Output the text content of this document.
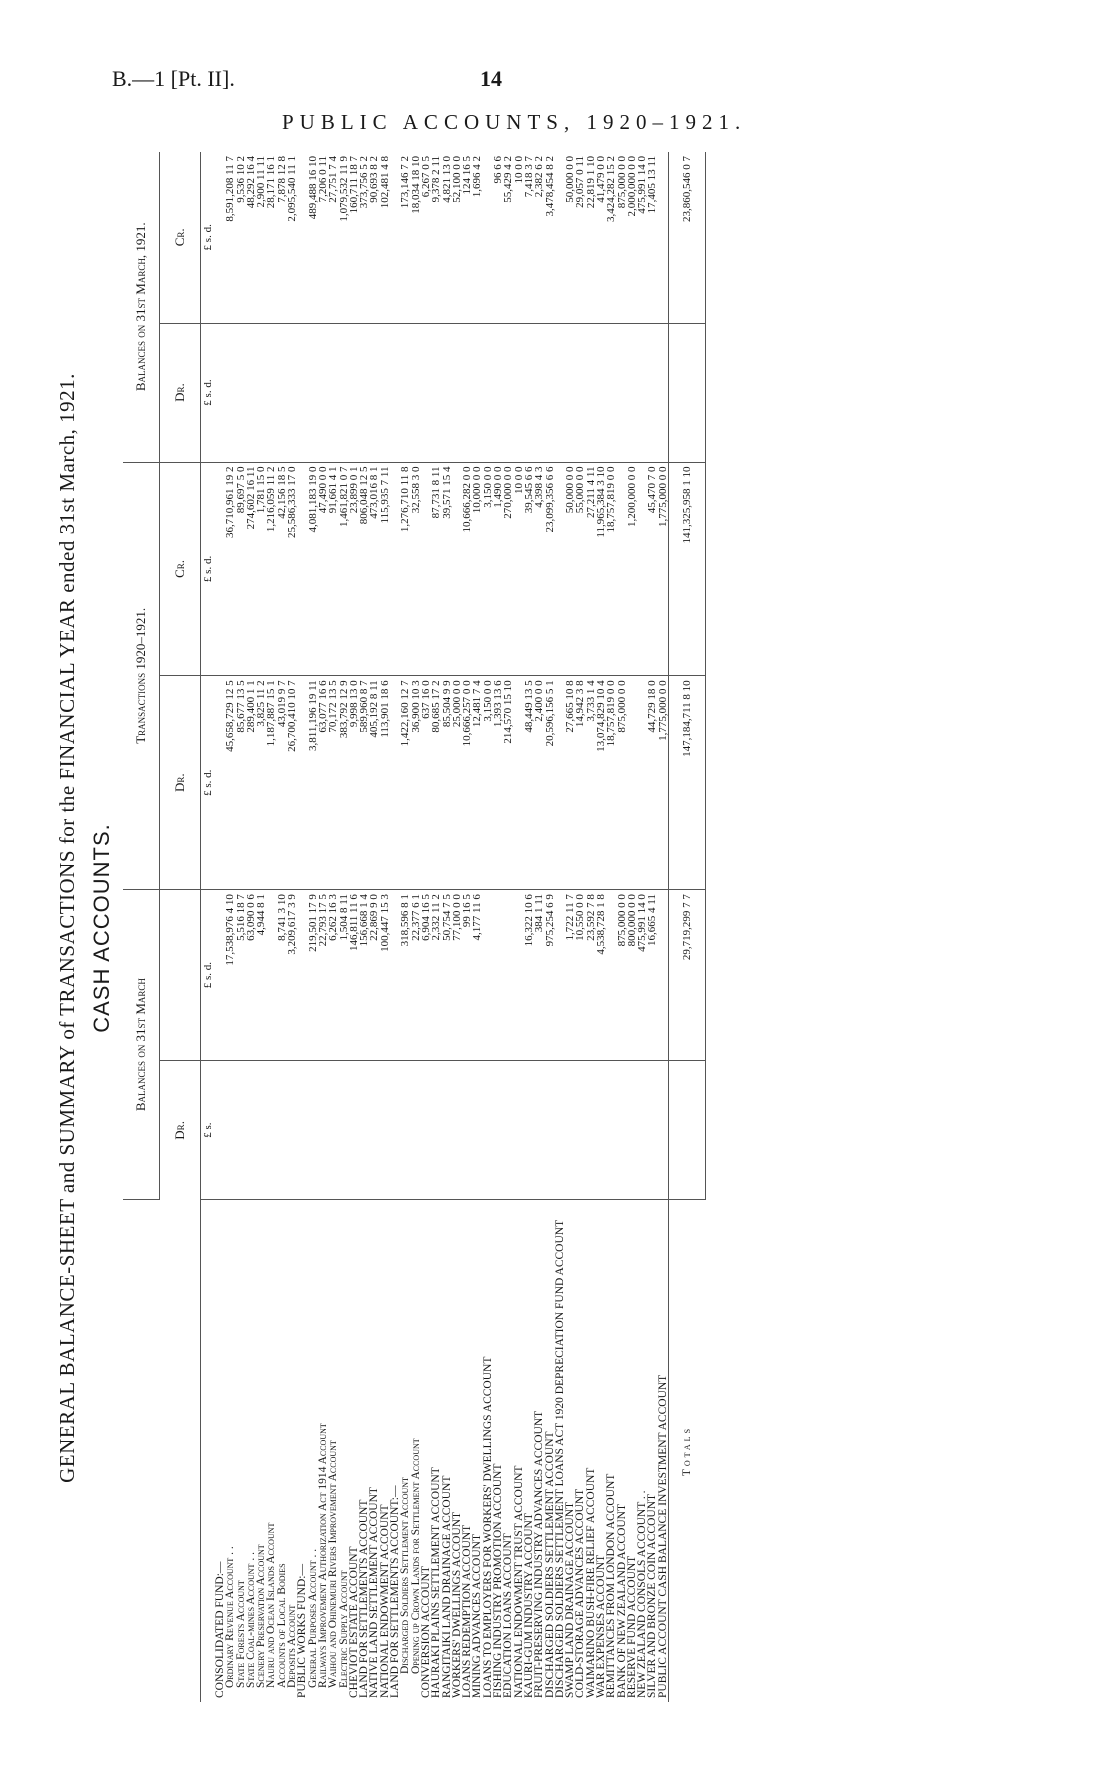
B.—1 [Pt. II].	14
PUBLIC ACCOUNTS, 1920–1921.
GENERAL BALANCE-SHEET and SUMMARY of TRANSACTIONS for the FINANCIAL YEAR ended 31st March, 1921. CASH ACCOUNTS.
	Balances on 31st March		Transactions 1920–1921.		Balances on 31st March, 1921.	
	Dr.		Dr.	Cr.	Dr.	Cr.
	£ s.	£ s. d.	£ s. d.	£ s. d.	£ s. d.	£ s. d.
CONSOLIDATED FUND:—						
Ordinary Revenue Account . .		17,538,976 4 10	45,658,729 12 5	36,710,961 19 2		8,591,208 11 7
State Forests Account		5,516 18 7	85,677 13 5	89,697 5 0		9,536 10 2
State Coal-mines Account . .		63,090 0 6	289,400 1 1	274,602 16 11		48,292 16 4
Scenery Preservation Account		4,944 8 1	3,825 11 2	1,781 15 0		2,900 11 11
Nauru and Ocean Islands Account			1,187,887 15 1	1,216,059 11 2		28,171 16 1
Accounts of Local Bodies		8,741 3 10	43,019 9 7	42,156 18 5		7,878 12 8
Deposits Account		3,209,617 3 9	26,700,410 10 7	25,586,333 17 0		2,095,540 11 1
PUBLIC WORKS FUND:—						
General Purposes Account . .		219,501 17 9	3,811,196 19 11	4,081,183 19 0		489,488 16 10
Railways Improvement Authorization Act 1914 Account		22,793 17 5	63,077 16 6	47,490 0 0		7,206 0 11
Waihou and Ohinemuri Rivers Improvement Account		6,262 16 3	70,172 13 5	91,661 4 1		27,751 7 4
Electric Supply Account		1,504 8 11	383,792 12 9	1,461,821 0 7		1,079,532 11 9
CHEVIOT ESTATE ACCOUNT		146,811 11 6	9,998 13 0	23,899 0 1		160,711 18 7
LAND FOR SETTLEMENTS ACCOUNT		156,668 1 4	589,960 8 7	806,048 12 5		373,756 5 2
NATIVE LAND SETTLEMENT ACCOUNT		22,869 9 0	405,192 8 11	473,016 8 1		90,693 8 2
NATIONAL ENDOWMENT ACCOUNT		100,447 15 3	113,901 18 6	115,935 7 11		102,481 4 8
LAND FOR SETTLEMENTS ACCOUNT:—						
Discharged Soldiers Settlement Account		318,596 8 1	1,422,160 12 7	1,276,710 11 8		173,146 7 2
Opening up Crown Lands for Settlement Account		22,377 6 1	36,900 10 3	32,558 3 0		18,034 18 10
CONVERSION ACCOUNT		6,904 16 5	637 16 0			6,267 0 5
HAURAKI PLAINS SETTLEMENT ACCOUNT		2,332 11 2	80,685 17 2	87,731 8 11		9,378 2 11
RANGITAIKI LAND DRAINAGE ACCOUNT		50,754 7 5	85,504 9 9	39,571 15 4		4,821 13 0
WORKERS' DWELLINGS ACCOUNT		77,100 0 0	25,000 0 0			52,100 0 0
LOANS REDEMPTION ACCOUNT		99 16 5	10,666,257 0 0	10,666,282 0 0		124 16 5
MINING ADVANCES ACCOUNT		4,177 11 6	12,481 7 4	10,000 0 0		1,696 4 2
LOANS TO EMPLOYERS FOR WORKERS' DWELLINGS ACCOUNT			3,150 0 0	3,150 0 0		
FISHING INDUSTRY PROMOTION ACCOUNT			1,393 13 6	1,490 0 0		96 6 6
EDUCATION LOANS ACCOUNT			214,570 15 10	270,000 0 0		55,429 4 2
NATIONAL ENDOWMENT TRUST ACCOUNT				10 0 0		10 0 0
KAURI-GUM INDUSTRY ACCOUNT		16,322 10 6	48,449 13 5	39,545 6 6		7,418 3 7
FRUIT-PRESERVING INDUSTRY ADVANCES ACCOUNT		384 1 11	2,400 0 0	4,398 4 3		2,382 6 2
DISCHARGED SOLDIERS SETTLEMENT ACCOUNT		975,254 6 9	20,596,156 5 1	23,099,356 6 6		3,478,454 8 2
DISCHARGED SOLDIERS SETTLEMENT LOANS ACT 1920 DEPRECIATION FUND ACCOUNT						
SWAMP LAND DRAINAGE ACCOUNT		1,722 11 7	27,665 10 8	50,000 0 0		50,000 0 0
COLD-STORAGE ADVANCES ACCOUNT		10,550 0 0	14,942 3 8	55,000 0 0		29,057 0 11
WAIMARINO BUSH-FIRE RELIEF ACCOUNT		23,592 7 8	3,733 1 4	27,211 4 11		22,819 1 10
WAR EXPENSES ACCOUNT		4,538,728 1 8	13,074,829 10 4	11,965,384 3 10		41,479 0 0
REMITTANCES FROM LONDON ACCOUNT			18,757,819 0 0	18,757,819 0 0		3,424,282 15 2
BANK OF NEW ZEALAND ACCOUNT		875,000 0 0	875,000 0 0			875,000 0 0
RESERVE FUND ACCOUNT		800,000 0 0		1,200,000 0 0		2,000,000 0 0
NEW ZEALAND CONSOLS ACCOUNT . .		475,991 14 0				475,991 14 0
SILVER AND BRONZE COIN ACCOUNT		16,665 4 11	44,729 18 0	45,470 7 0		17,405 13 11
PUBLIC ACCOUNT CASH BALANCE INVESTMENT ACCOUNT			1,775,000 0 0	1,775,000 0 0		
Totals		29,719,299 7 7	147,184,711 8 10	141,325,958 1 10		23,860,546 0 7
